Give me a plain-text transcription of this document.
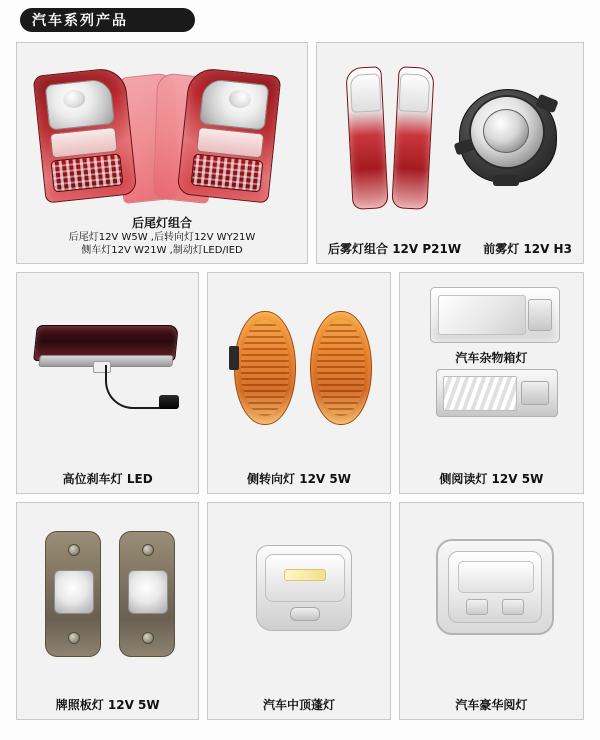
汽车系列产品
后尾灯组合
后尾灯12V W5W ,后转向灯12V WY21W
侧车灯12V W21W ,制动灯LED/IED	后雾灯组合 12V P21W 前雾灯 12V H3
高位刹车灯 LED	侧转向灯 12V 5W
汽车杂物箱灯
侧阅读灯 12V 5W
牌照板灯 12V 5W	汽车中顶蓬灯	汽车豪华阅灯
